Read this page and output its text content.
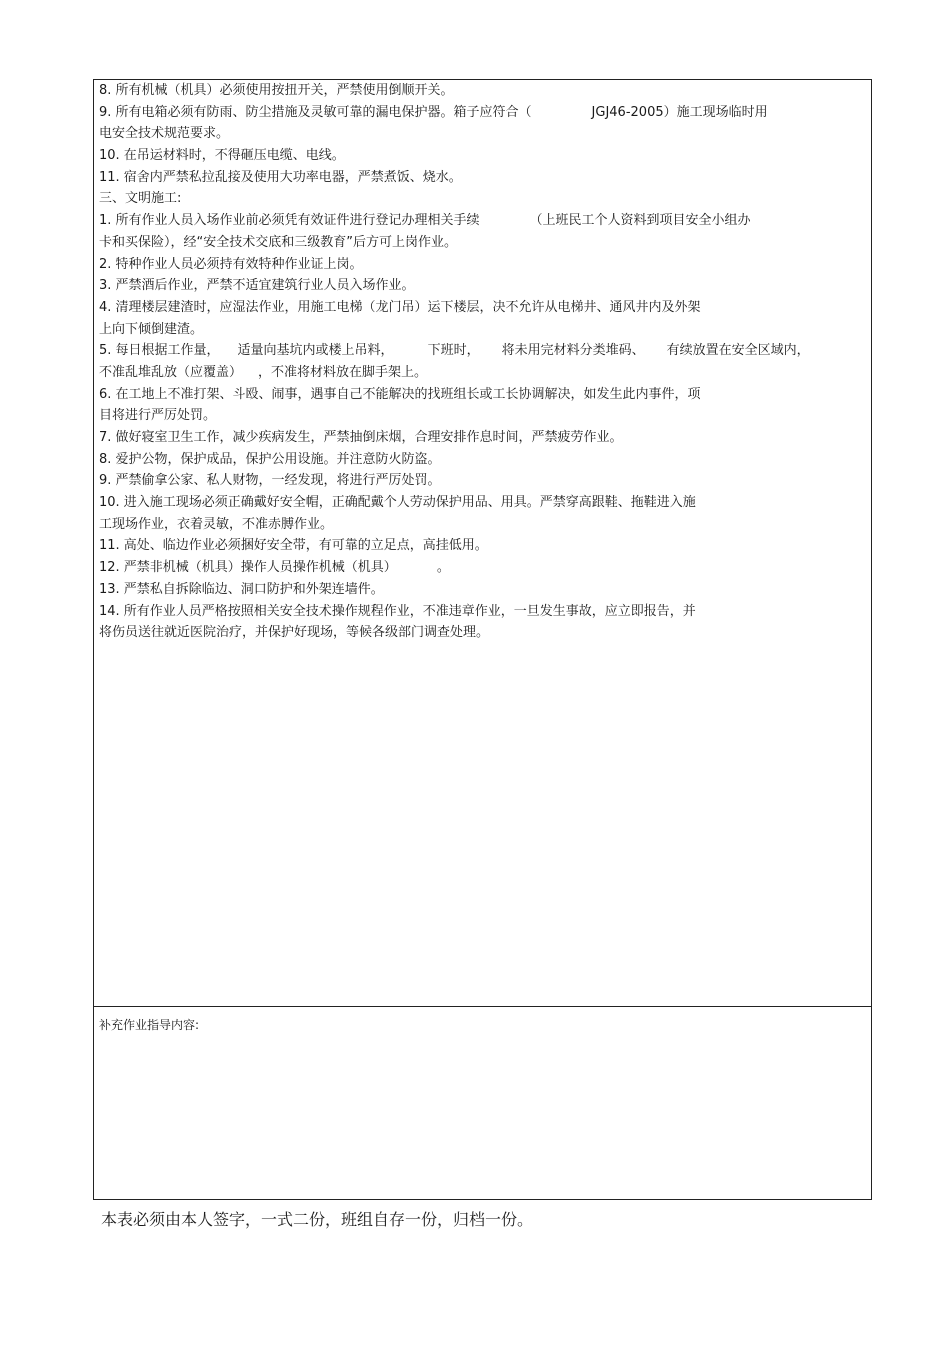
8. 所有机械（机具）必须使用按扭开关，严禁使用倒顺开关。
9. 所有电箱必须有防雨、防尘措施及灵敏可靠的漏电保护器。箱子应符合（	JGJ46-2005）施工现场临时用
电安全技术规范要求。
10. 在吊运材料时，不得砸压电缆、电线。
11. 宿舍内严禁私拉乱接及使用大功率电器，严禁煮饭、烧水。
三、文明施工:
1. 所有作业人员入场作业前必须凭有效证件进行登记办理相关手续	（上班民工个人资料到项目安全小组办
卡和买保险），经“安全技术交底和三级教育”后方可上岗作业。
2. 特种作业人员必须持有效特种作业证上岗。
3. 严禁酒后作业，严禁不适宜建筑行业人员入场作业。
4. 清理楼层建渣时，应湿法作业，用施工电梯（龙门吊）运下楼层，决不允许从电梯井、通风井内及外架
上向下倾倒建渣。
5. 每日根据工作量， 适量向基坑内或楼上吊料，	下班时， 将未用完材料分类堆码、 有续放置在安全区域内，
不准乱堆乱放（应覆盖） ，不准将材料放在脚手架上。
6. 在工地上不准打架、斗殴、闹事，遇事自己不能解决的找班组长或工长协调解决，如发生此内事件，项
目将进行严厉处罚。
7. 做好寝室卫生工作，减少疾病发生，严禁抽倒床烟，合理安排作息时间，严禁疲劳作业。
8. 爱护公物，保护成品，保护公用设施。并注意防火防盗。
9. 严禁偷拿公家、私人财物，一经发现，将进行严厉处罚。
10. 进入施工现场必须正确戴好安全帽，正确配戴个人劳动保护用品、用具。严禁穿高跟鞋、拖鞋进入施
工现场作业，衣着灵敏，不准赤膊作业。
11. 高处、临边作业必须捆好安全带，有可靠的立足点，高挂低用。
12. 严禁非机械（机具）操作人员操作机械（机具）	。
13. 严禁私自拆除临边、洞口防护和外架连墙件。
14. 所有作业人员严格按照相关安全技术操作规程作业，不准违章作业，一旦发生事故，应立即报告，并
将伤员送往就近医院治疗，并保护好现场，等候各级部门调查处理。
补充作业指导内容:
本表必须由本人签字，一式二份，班组自存一份，归档一份。
